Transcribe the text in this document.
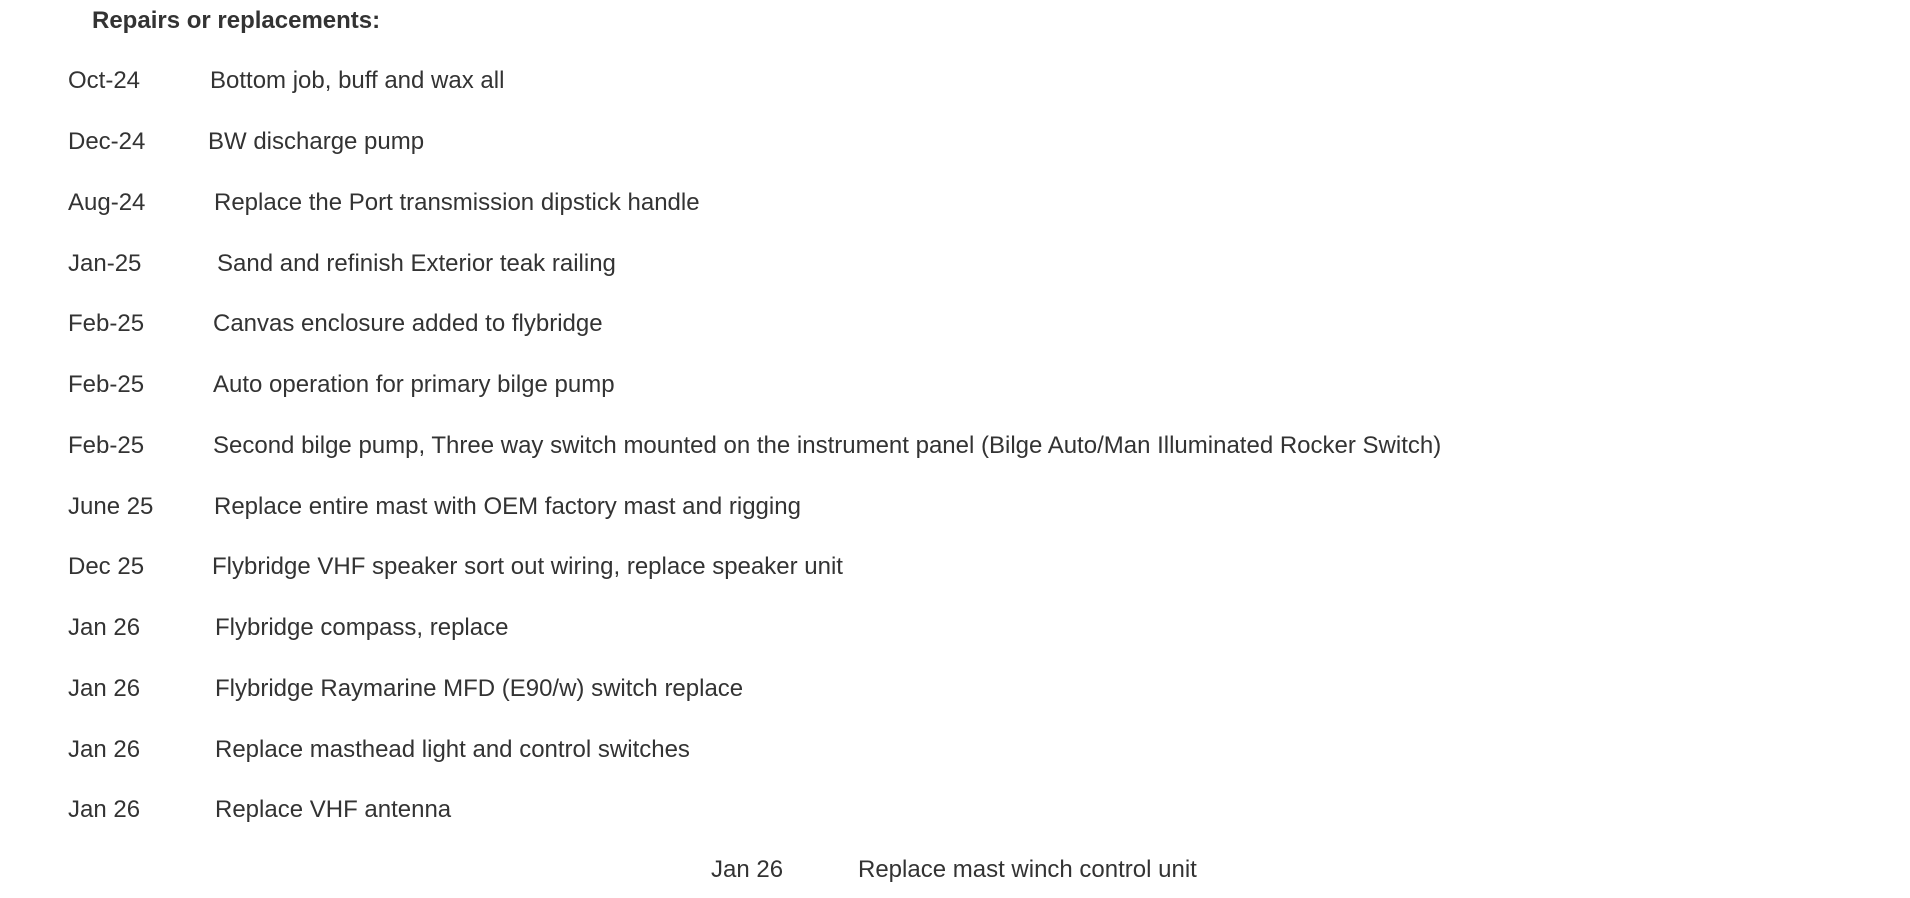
Repairs or replacements:
Oct-24	Bottom job, buff and wax all
Dec-24	BW discharge pump
Aug-24	Replace the Port transmission dipstick handle
Jan-25	Sand and refinish Exterior teak railing
Feb-25	Canvas enclosure added to flybridge
Feb-25	Auto operation for primary bilge pump
Feb-25	Second bilge pump, Three way switch mounted on the instrument panel (Bilge Auto/Man Illuminated Rocker Switch)
June 25	Replace entire mast with OEM factory mast and rigging
Dec 25	Flybridge VHF speaker sort out wiring, replace speaker unit
Jan 26	Flybridge compass, replace
Jan 26	Flybridge Raymarine MFD (E90/w) switch replace
Jan 26	Replace masthead light and control switches
Jan 26	Replace VHF antenna
Jan 26	Replace mast winch control unit
